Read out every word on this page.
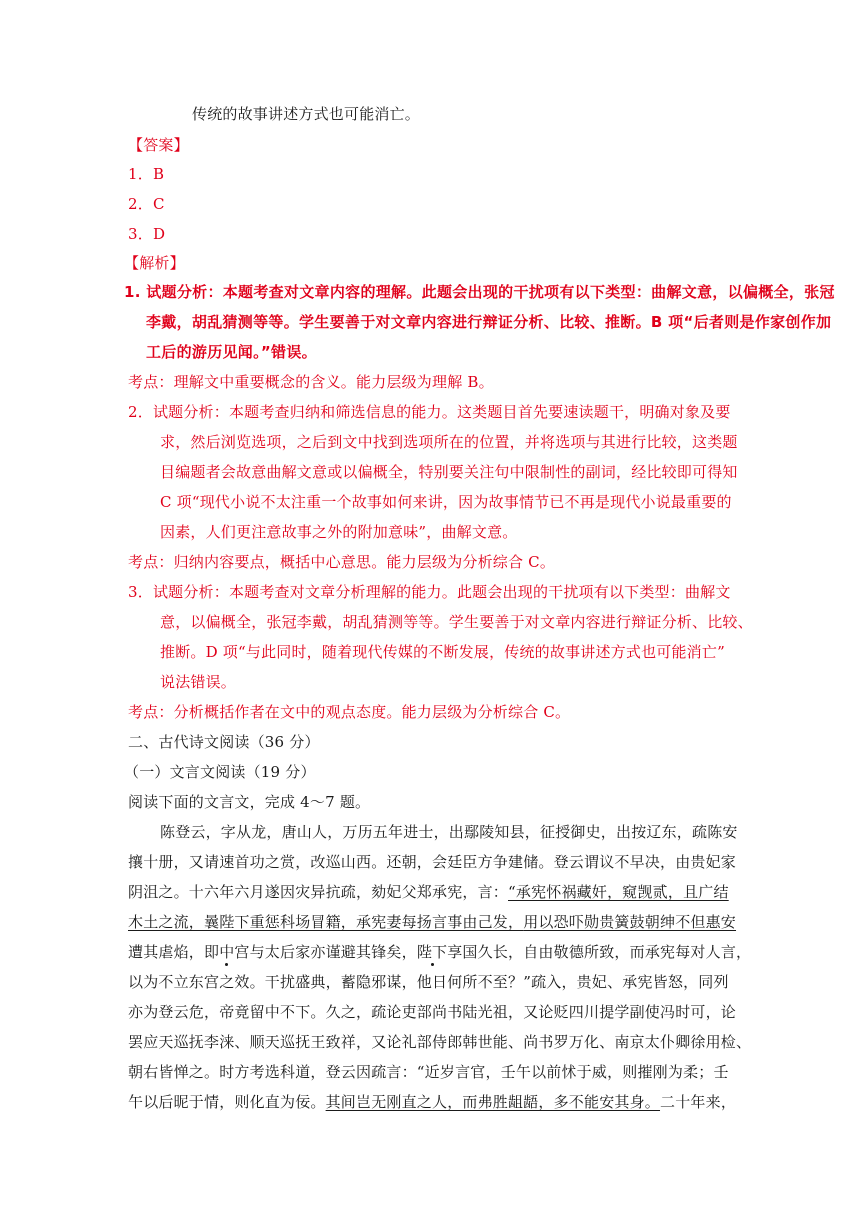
传统的故事讲述方式也可能消亡。
【答案】
1．B
2．C
3．D
【解析】
1. 试题分析：本题考查对文章内容的理解。此题会出现的干扰项有以下类型：曲解文意，以偏概全，张冠
李戴，胡乱猜测等等。学生要善于对文章内容进行辩证分析、比较、推断。B 项“后者则是作家创作加
工后的游历见闻。”错误。
考点：理解文中重要概念的含义。能力层级为理解 B。
2．试题分析：本题考查归纳和筛选信息的能力。这类题目首先要速读题干，明确对象及要
求，然后浏览选项，之后到文中找到选项所在的位置，并将选项与其进行比较，这类题
目编题者会故意曲解文意或以偏概全，特别要关注句中限制性的副词，经比较即可得知
C 项“现代小说不太注重一个故事如何来讲，因为故事情节已不再是现代小说最重要的
因素，人们更注意故事之外的附加意味”，曲解文意。
考点：归纳内容要点，概括中心意思。能力层级为分析综合 C。
3．试题分析：本题考查对文章分析理解的能力。此题会出现的干扰项有以下类型：曲解文
意，以偏概全，张冠李戴，胡乱猜测等等。学生要善于对文章内容进行辩证分析、比较、
推断。D 项“与此同时，随着现代传媒的不断发展，传统的故事讲述方式也可能消亡”
说法错误。
考点：分析概括作者在文中的观点态度。能力层级为分析综合 C。
二、古代诗文阅读（36 分）
（一）文言文阅读（19 分）
阅读下面的文言文，完成 4～7 题。
陈登云，字从龙，唐山人，万历五年进士，出鄢陵知县，征授御史，出按辽东，疏陈安
攘十册，又请速首功之赏，改巡山西。还朝，会廷臣方争建储。登云谓议不早决，由贵妃家
阴沮之。十六年六月遂因灾异抗疏，劾妃父郑承宪，言：“承宪怀祸藏奸，窥觊贰，且广结
木土之流，曩陛下重惩科场冒籍，承宪妻每扬言事由己发，用以恐吓勋贵簧鼓朝绅不但惠安
遭其虐焰，即中宫与太后家亦谨避其锋矣，陛下享国久长，自由敬德所致，而承宪每对人言，
以为不立东宫之效。干扰盛典，蓄隐邪谋，他日何所不至？”疏入，贵妃、承宪皆怒，同列
亦为登云危，帝竟留中不下。久之，疏论吏部尚书陆光祖，又论贬四川提学副使冯时可，论
罢应天巡抚李涞、顺天巡抚王致祥，又论礼部侍郎韩世能、尚书罗万化、南京太仆卿徐用检、
朝右皆惮之。时方考选科道，登云因疏言：“近岁言官，壬午以前怵于威，则摧刚为柔；壬
午以后昵于情，则化直为佞。其间岂无刚直之人，而弗胜龃龉，多不能安其身。二十年来，
